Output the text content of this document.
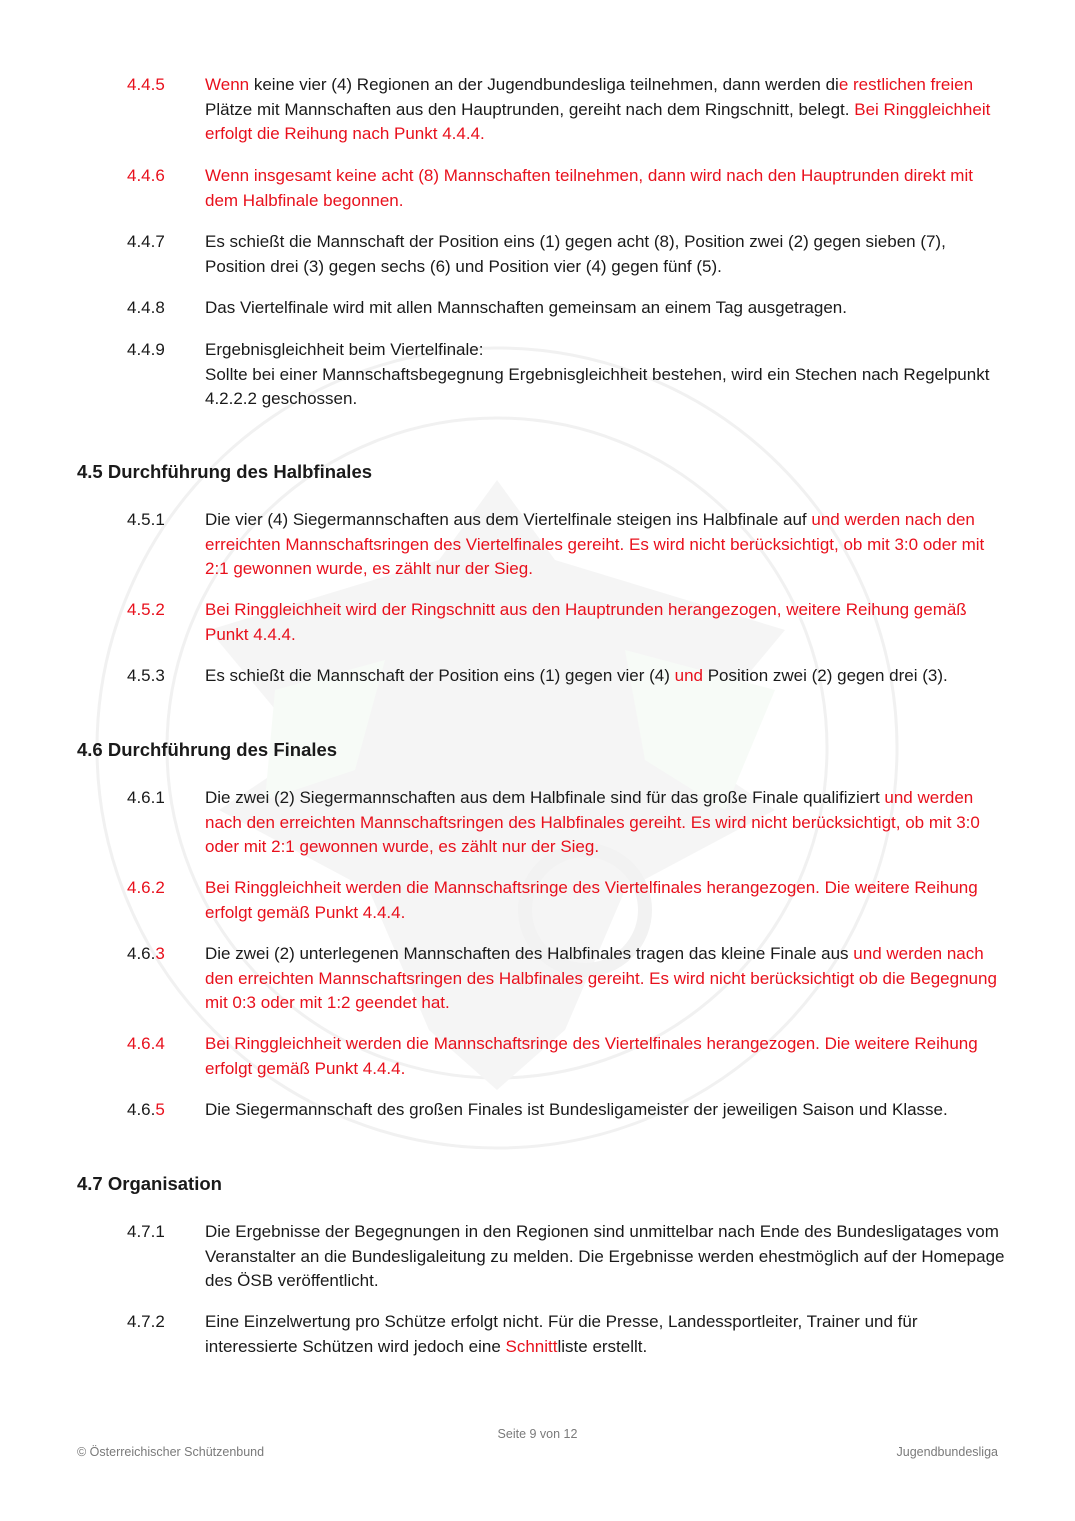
4.4.5 Wenn keine vier (4) Regionen an der Jugendbundesliga teilnehmen, dann werden die restlichen freien Plätze mit Mannschaften aus den Hauptrunden, gereiht nach dem Ringschnitt, belegt. Bei Ringgleichheit erfolgt die Reihung nach Punkt 4.4.4.
4.4.6 Wenn insgesamt keine acht (8) Mannschaften teilnehmen, dann wird nach den Hauptrunden direkt mit dem Halbfinale begonnen.
4.4.7 Es schießt die Mannschaft der Position eins (1) gegen acht (8), Position zwei (2) gegen sieben (7), Position drei (3) gegen sechs (6) und Position vier (4) gegen fünf (5).
4.4.8 Das Viertelfinale wird mit allen Mannschaften gemeinsam an einem Tag ausgetragen.
4.4.9 Ergebnisgleichheit beim Viertelfinale:
Sollte bei einer Mannschaftsbegegnung Ergebnisgleichheit bestehen, wird ein Stechen nach Regelpunkt 4.2.2.2 geschossen.
4.5 Durchführung des Halbfinales
4.5.1 Die vier (4) Siegermannschaften aus dem Viertelfinale steigen ins Halbfinale auf und werden nach den erreichten Mannschaftsringen des Viertelfinales gereiht. Es wird nicht berücksichtigt, ob mit 3:0 oder mit 2:1 gewonnen wurde, es zählt nur der Sieg.
4.5.2 Bei Ringgleichheit wird der Ringschnitt aus den Hauptrunden herangezogen, weitere Reihung gemäß Punkt 4.4.4.
4.5.3 Es schießt die Mannschaft der Position eins (1) gegen vier (4) und Position zwei (2) gegen drei (3).
4.6 Durchführung des Finales
4.6.1 Die zwei (2) Siegermannschaften aus dem Halbfinale sind für das große Finale qualifiziert und werden nach den erreichten Mannschaftsringen des Halbfinales gereiht. Es wird nicht berücksichtigt, ob mit 3:0 oder mit 2:1 gewonnen wurde, es zählt nur der Sieg.
4.6.2 Bei Ringgleichheit werden die Mannschaftsringe des Viertelfinales herangezogen. Die weitere Reihung erfolgt gemäß Punkt 4.4.4.
4.6.3 Die zwei (2) unterlegenen Mannschaften des Halbfinales tragen das kleine Finale aus und werden nach den erreichten Mannschaftsringen des Halbfinales gereiht. Es wird nicht berücksichtigt ob die Begegnung mit 0:3 oder mit 1:2 geendet hat.
4.6.4 Bei Ringgleichheit werden die Mannschaftsringe des Viertelfinales herangezogen. Die weitere Reihung erfolgt gemäß Punkt 4.4.4.
4.6.5 Die Siegermannschaft des großen Finales ist Bundesligameister der jeweiligen Saison und Klasse.
4.7 Organisation
4.7.1 Die Ergebnisse der Begegnungen in den Regionen sind unmittelbar nach Ende des Bundesligatages vom Veranstalter an die Bundesligaleitung zu melden. Die Ergebnisse werden ehestmöglich auf der Homepage des ÖSB veröffentlicht.
4.7.2 Eine Einzelwertung pro Schütze erfolgt nicht. Für die Presse, Landessportleiter, Trainer und für interessierte Schützen wird jedoch eine Schnittliste erstellt.
Seite 9 von 12
© Österreichischer Schützenbund	Jugendbundesliga
